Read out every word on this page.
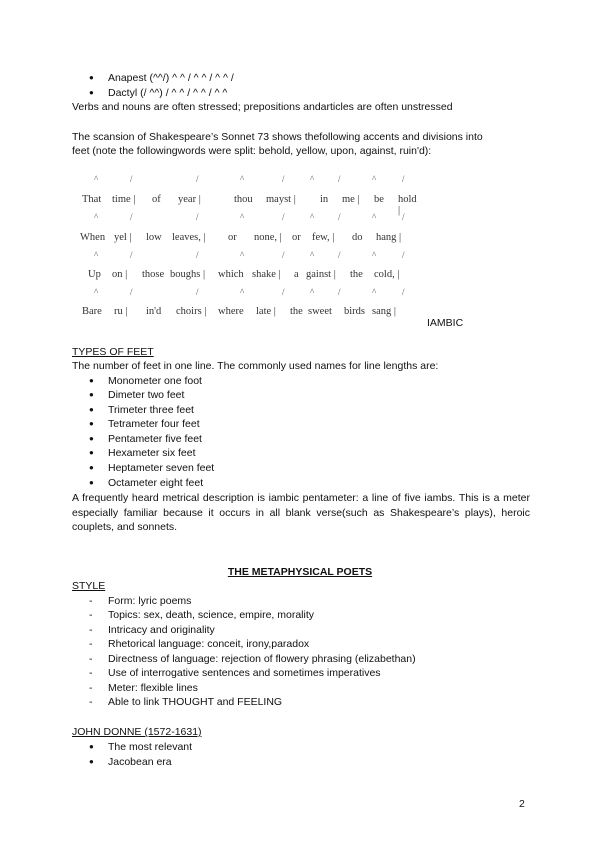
● Anapest (^^/) ^ ^ / ^ ^ / ^ ^ /
● Dactyl (/ ^^) / ^ ^ / ^ ^ / ^ ^
Verbs and nouns are often stressed; prepositions andarticles are often unstressed
The scansion of Shakespeare’s Sonnet 73 shows thefollowing accents and divisions into
feet (note the followingwords were split: behold, yellow, upon, against, ruin'd):
^	/	/	^	/	^	/	^	/
That time | of year |	thou mayst | in me | be hold |
^	/	/	^	/	^	/	^	/
When yel | low leaves, | or none, | or few, | do hang |
^	/	/	^	/	^	/	^	/
Up on | those boughs | which shake | a gainst | the cold, |
^	/	/	^	/	^	/	^	/
Bare ru | in'd choirs | where late | the sweet birds sang |
IAMBIC
TYPES OF FEET
The number of feet in one line. The commonly used names for line lengths are:
● Monometer one foot
● Dimeter two feet
● Trimeter three feet
● Tetrameter four feet
● Pentameter five feet
● Hexameter six feet
● Heptameter seven feet
● Octameter eight feet
A frequently heard metrical description is iambic pentameter: a line of five iambs. This is a meter especially familiar because it occurs in all blank verse(such as Shakespeare’s plays), heroic couplets, and sonnets.
THE METAPHYSICAL POETS
STYLE
- Form: lyric poems
- Topics: sex, death, science, empire, morality
- Intricacy and originality
- Rhetorical language: conceit, irony,paradox
- Directness of language: rejection of flowery phrasing (elizabethan)
- Use of interrogative sentences and sometimes imperatives
- Meter: flexible lines
- Able to link THOUGHT and FEELING
JOHN DONNE (1572-1631)
● The most relevant
● Jacobean era
2
